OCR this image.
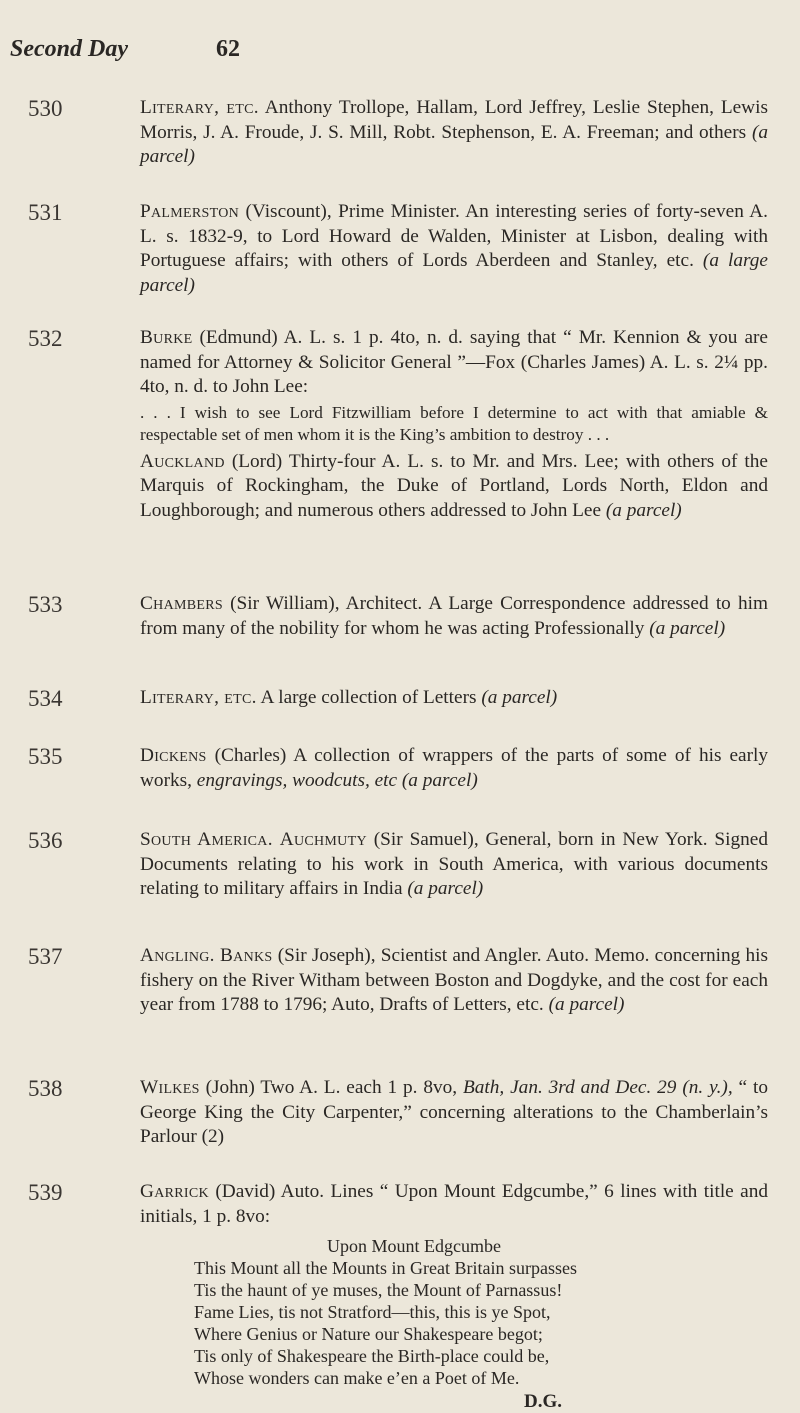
Second Day	62
530	Literary, etc. Anthony Trollope, Hallam, Lord Jeffrey, Leslie Stephen, Lewis Morris, J. A. Froude, J. S. Mill, Robt. Stephenson, E. A. Freeman; and others (a parcel)
531	Palmerston (Viscount), Prime Minister. An interesting series of forty-seven A. L. s. 1832-9, to Lord Howard de Walden, Minister at Lisbon, dealing with Portuguese affairs; with others of Lords Aberdeen and Stanley, etc. (a large parcel)
532	Burke (Edmund) A. L. s. 1 p. 4to, n. d. saying that “ Mr. Kennion & you are named for Attorney & Solicitor General ”—Fox (Charles James) A. L. s. 2¼ pp. 4to, n. d. to John Lee:
. . . I wish to see Lord Fitzwilliam before I determine to act with that amiable & respectable set of men whom it is the King’s ambition to destroy . . .
Auckland (Lord) Thirty-four A. L. s. to Mr. and Mrs. Lee; with others of the Marquis of Rockingham, the Duke of Portland, Lords North, Eldon and Loughborough; and numerous others addressed to John Lee (a parcel)
533	Chambers (Sir William), Architect. A Large Correspondence addressed to him from many of the nobility for whom he was acting Professionally (a parcel)
534	Literary, etc. A large collection of Letters (a parcel)
535	Dickens (Charles) A collection of wrappers of the parts of some of his early works, engravings, woodcuts, etc (a parcel)
536	South America. Auchmuty (Sir Samuel), General, born in New York. Signed Documents relating to his work in South America, with various documents relating to military affairs in India (a parcel)
537	Angling. Banks (Sir Joseph), Scientist and Angler. Auto. Memo. concerning his fishery on the River Witham between Boston and Dogdyke, and the cost for each year from 1788 to 1796; Auto, Drafts of Letters, etc. (a parcel)
538	Wilkes (John) Two A. L. each 1 p. 8vo, Bath, Jan. 3rd and Dec. 29 (n. y.), “ to George King the City Carpenter,” concerning alterations to the Chamberlain’s Parlour (2)
539	Garrick (David) Auto. Lines “ Upon Mount Edgcumbe,” 6 lines with title and initials, 1 p. 8vo:
Upon Mount Edgcumbe
This Mount all the Mounts in Great Britain surpasses
Tis the haunt of ye muses, the Mount of Parnassus!
Fame Lies, tis not Stratford—this, this is ye Spot,
Where Genius or Nature our Shakespeare begot;
Tis only of Shakespeare the Birth-place could be,
Whose wonders can make e’en a Poet of Me.
D.G.
